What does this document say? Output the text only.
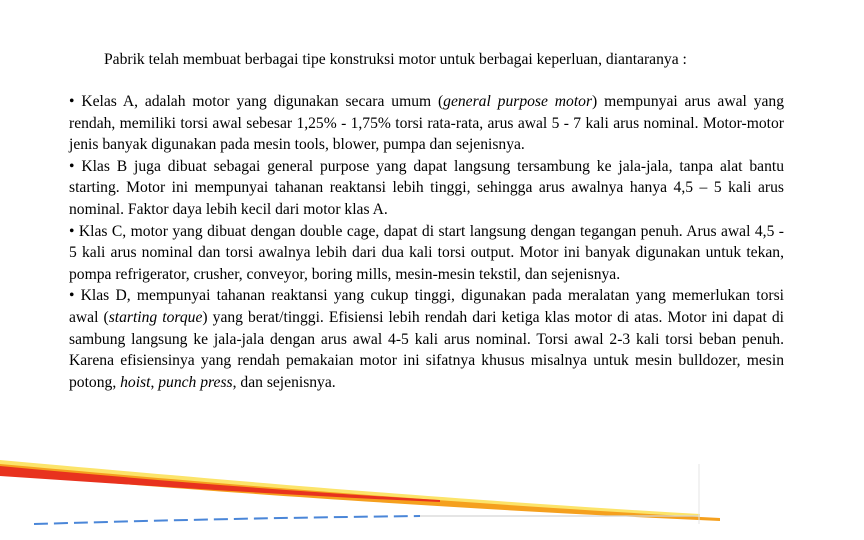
Pabrik telah membuat berbagai tipe konstruksi motor untuk berbagai keperluan, diantaranya :

• Kelas A, adalah motor yang digunakan secara umum (general purpose motor) mempunyai arus awal yang rendah, memiliki torsi awal sebesar 1,25% - 1,75% torsi rata-rata, arus awal 5 - 7 kali arus nominal. Motor-motor jenis banyak digunakan pada mesin tools, blower, pumpa dan sejenisnya.

• Klas B juga dibuat sebagai general purpose yang dapat langsung tersambung ke jala-jala, tanpa alat bantu starting. Motor ini mempunyai tahanan reaktansi lebih tinggi, sehingga arus awalnya hanya 4,5 – 5 kali arus nominal. Faktor daya lebih kecil dari motor klas A.

• Klas C, motor yang dibuat dengan double cage, dapat di start langsung dengan tegangan penuh. Arus awal 4,5 - 5 kali arus nominal dan torsi awalnya lebih dari dua kali torsi output. Motor ini banyak digunakan untuk tekan, pompa refrigerator, crusher, conveyor, boring mills, mesin-mesin tekstil, dan sejenisnya.

• Klas D, mempunyai tahanan reaktansi yang cukup tinggi, digunakan pada meralatan yang memerlukan torsi awal (starting torque) yang berat/tinggi. Efisiensi lebih rendah dari ketiga klas motor di atas. Motor ini dapat di sambung langsung ke jala-jala dengan arus awal 4-5 kali arus nominal. Torsi awal 2-3 kali torsi beban penuh. Karena efisiensinya yang rendah pemakaian motor ini sifatnya khusus misalnya untuk mesin bulldozer, mesin potong, hoist, punch press, dan sejenisnya.
